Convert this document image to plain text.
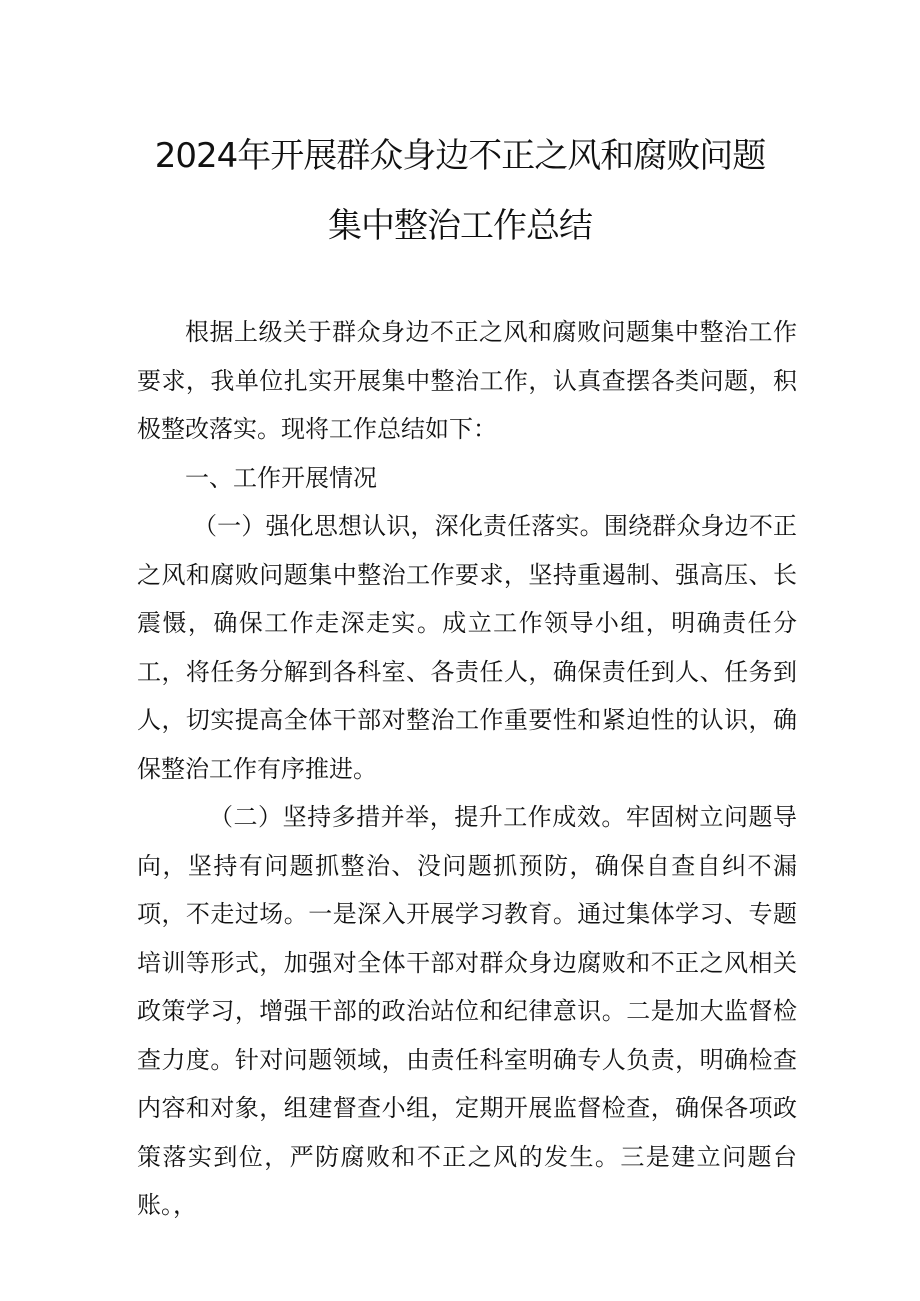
2024年开展群众身边不正之风和腐败问题
集中整治工作总结

根据上级关于群众身边不正之风和腐败问题集中整治工作要求，我单位扎实开展集中整治工作，认真查摆各类问题，积极整改落实。现将工作总结如下：

一、工作开展情况

（一）强化思想认识，深化责任落实。围绕群众身边不正之风和腐败问题集中整治工作要求，坚持重遏制、强高压、长震慑，确保工作走深走实。成立工作领导小组，明确责任分工，将任务分解到各科室、各责任人，确保责任到人、任务到人，切实提高全体干部对整治工作重要性和紧迫性的认识，确保整治工作有序推进。

（二）坚持多措并举，提升工作成效。牢固树立问题导向，坚持有问题抓整治、没问题抓预防，确保自查自纠不漏项，不走过场。一是深入开展学习教育。通过集体学习、专题培训等形式，加强对全体干部对群众身边腐败和不正之风相关政策学习，增强干部的政治站位和纪律意识。二是加大监督检查力度。针对问题领域，由责任科室明确专人负责，明确检查内容和对象，组建督查小组，定期开展监督检查，确保各项政策落实到位，严防腐败和不正之风的发生。三是建立问题台账。，
